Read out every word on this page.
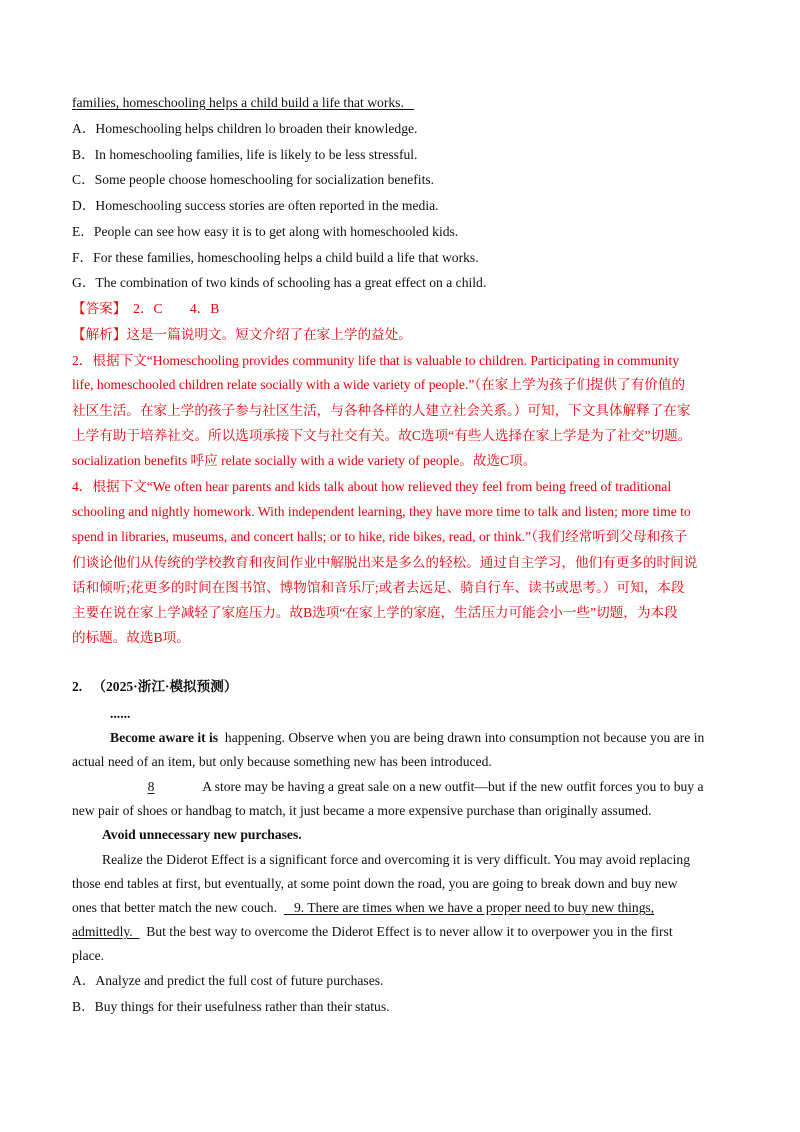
families, homeschooling helps a child build a life that works.
A．Homeschooling helps children lo broaden their knowledge.
B．In homeschooling families, life is likely to be less stressful.
C．Some people choose homeschooling for socialization benefits.
D．Homeschooling success stories are often reported in the media.
E．People can see how easy it is to get along with homeschooled kids.
F．For these families, homeschooling helps a child build a life that works.
G．The combination of two kinds of schooling has a great effect on a child.
【答案】 2．C　　4．B
【解析】这是一篇说明文。短文介绍了在家上学的益处。
2．根据下文“Homeschooling provides community life that is valuable to children. Participating in community
life, homeschooled children relate socially with a wide variety of people.”（在家上学为孩子们提供了有价值的
社区生活。在家上学的孩子参与社区生活，与各种各样的人建立社会关系。）可知，下文具体解释了在家
上学有助于培养社交。所以选项承接下文与社交有关。故C选项“有些人选择在家上学是为了社交”切题。
socialization benefits 呼应 relate socially with a wide variety of people。故选C项。
4．根据下文“We often hear parents and kids talk about how relieved they feel from being freed of traditional
schooling and nightly homework. With independent learning, they have more time to talk and listen; more time to
spend in libraries, museums, and concert halls; or to hike, ride bikes, read, or think.”（我们经常听到父母和孩子
们谈论他们从传统的学校教育和夜间作业中解脱出来是多么的轻松。通过自主学习，他们有更多的时间说
话和倾听;花更多的时间在图书馆、博物馆和音乐厅;或者去远足、骑自行车、读书或思考。）可知，本段
主要在说在家上学减轻了家庭压力。故B选项“在家上学的家庭，生活压力可能会小一些”切题，为本段
的标题。故选B项。
2. （2025·浙江·模拟预测）
......
Become aware it is happening. Observe when you are being drawn into consumption not because you are in
actual need of an item, but only because something new has been introduced.
8	A store may be having a great sale on a new outfit—but if the new outfit forces you to buy a
new pair of shoes or handbag to match, it just became a more expensive purchase than originally assumed.
Avoid unnecessary new purchases.
Realize the Diderot Effect is a significant force and overcoming it is very difficult. You may avoid replacing
those end tables at first, but eventually, at some point down the road, you are going to break down and buy new
ones that better match the new couch. 9. There are times when we have a proper need to buy new things,
admittedly. But the best way to overcome the Diderot Effect is to never allow it to overpower you in the first
place.
A．Analyze and predict the full cost of future purchases.
B．Buy things for their usefulness rather than their status.
